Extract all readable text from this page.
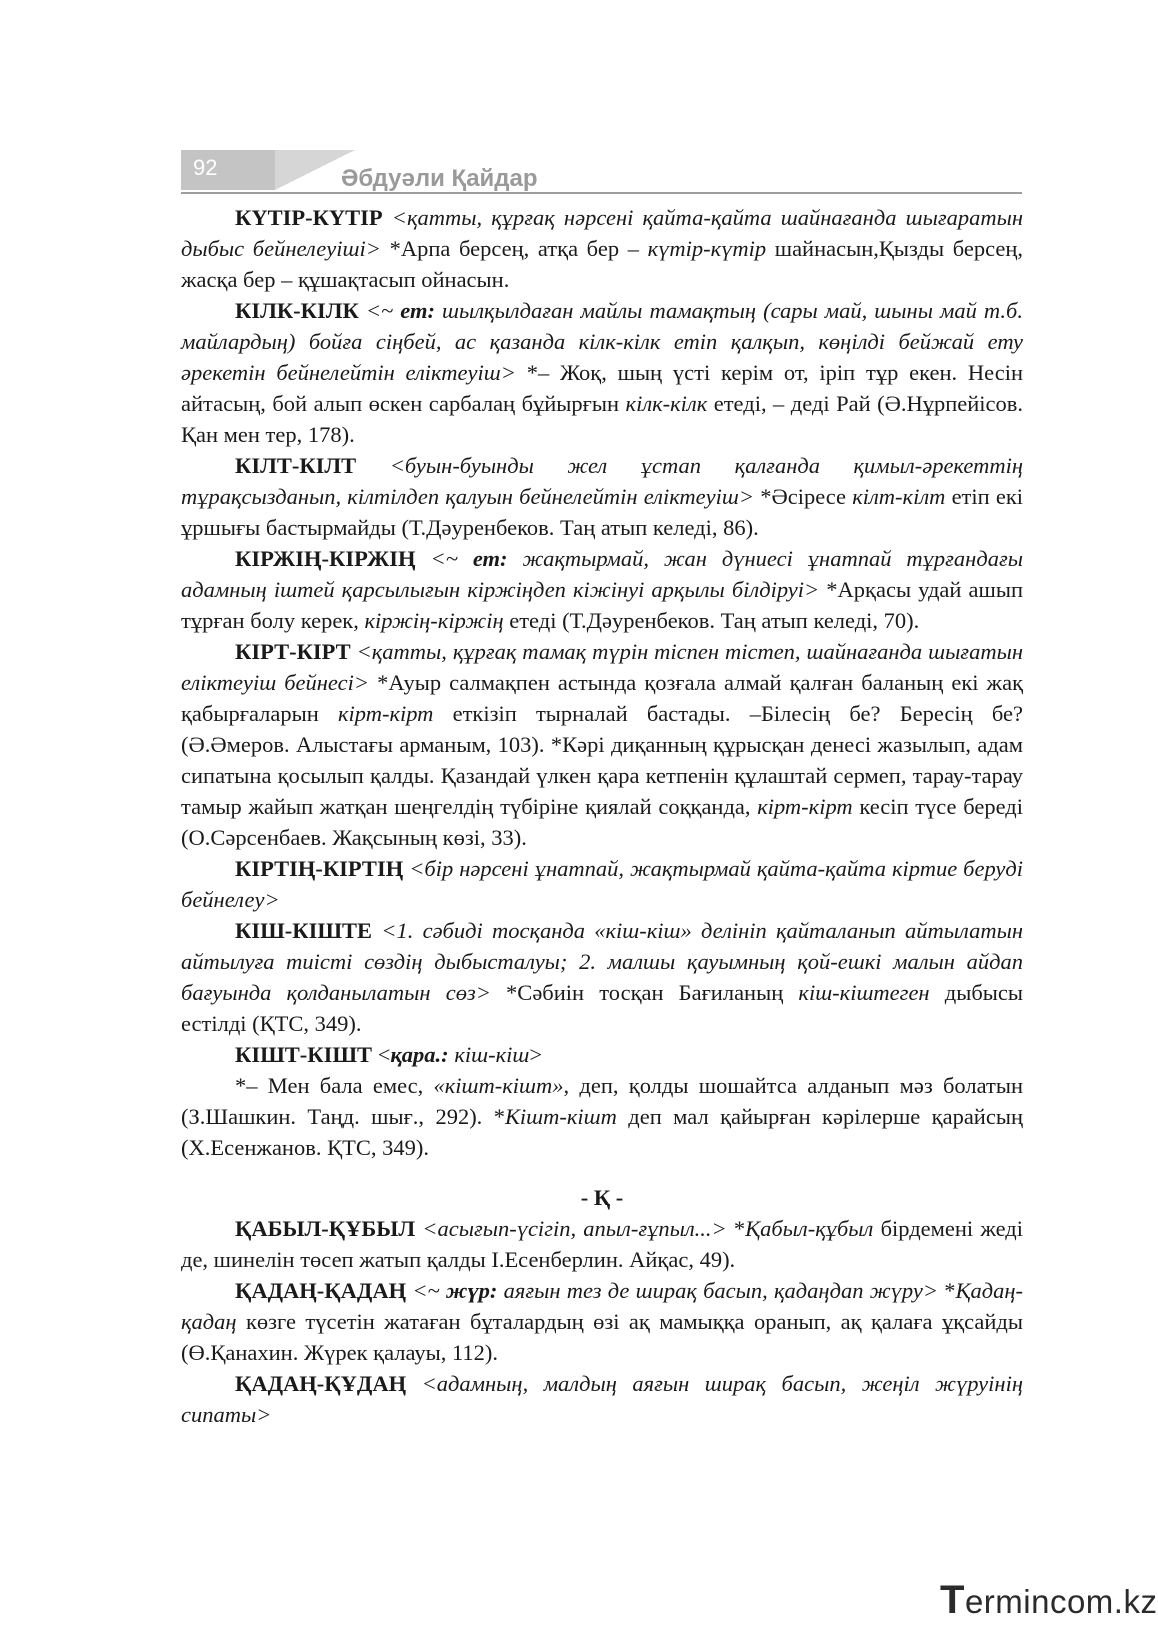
92	Әбдуәли Қайдар

КҮТІР-КҮТІР <қатты, құрғақ нәрсені қайта-қайта шайнағанда шығаратын дыбыс бейнелеуіші> *Арпа берсең, атқа бер – күтір-күтір шайнасын,Қызды берсең, жасқа бер – құшақтасып ойнасын.

КІЛК-КІЛК <~ ет: шылқылдаған майлы тамақтың (сары май, шыны май т.б. майлардың) бойға сіңбей, ас қазанда кілк-кілк етіп қалқып, көңілді бейжай ету әрекетін бейнелейтін еліктеуіш> *– Жоқ, шың үсті керім от, іріп тұр екен. Несін айтасың, бой алып өскен сарбалаң бұйырғын кілк-кілк етеді, – деді Рай (Ә.Нұрпейісов. Қан мен тер, 178).

КІЛТ-КІЛТ <буын-буынды жел ұстап қалғанда қимыл-әрекеттің тұрақсызданып, кілтілдеп қалуын бейнелейтін еліктеуіш> *Әсіресе кілт-кілт етіп екі ұршығы бастырмайды (Т.Дәуренбеков. Таң атып келеді, 86).

КІРЖІҢ-КІРЖІҢ <~ ет: жақтырмай, жан дүниесі ұнатпай тұрғандағы адамның іштей қарсылығын кіржіңдеп кіжінуі арқылы білдіруі> *Арқасы удай ашып тұрған болу керек, кіржің-кіржің етеді (Т.Дәуренбеков. Таң атып келеді, 70).

КІРТ-КІРТ <қатты, құрғақ тамақ түрін тіспен тістеп, шайнағанда шығатын еліктеуіш бейнесі> *Ауыр салмақпен астында қозғала алмай қалған баланың екі жақ қабырғаларын кірт-кірт еткізіп тырналай бастады. –Білесің бе? Бересің бе? (Ә.Әмеров. Алыстағы арманым, 103). *Кәрі диқанның құрысқан денесі жазылып, адам сипатына қосылып қалды. Қазандай үлкен қара кетпенін құлаштай сермеп, тарау-тарау тамыр жайып жатқан шеңгелдің түбіріне қиялай соққанда, кірт-кірт кесіп түсе береді (О.Сәрсенбаев. Жақсының көзі, 33).

КІРТІҢ-КІРТІҢ <бір нәрсені ұнатпай, жақтырмай қайта-қайта кіртие беруді бейнелеу>

КІШ-КІШТЕ <1. сәбиді тосқанда «кіш-кіш» делініп қайталанып айтылатын айтылуға тиісті сөздің дыбысталуы; 2. малшы қауымның қой-ешкі малын айдап бағуында қолданылатын сөз> *Сәбиін тосқан Бағиланың кіш-кіштеген дыбысы естілді (ҚТС, 349).

КІШТ-КІШТ <қара.: кіш-кіш>

*– Мен бала емес, «кішт-кішт», деп, қолды шошайтса алданып мәз болатын (З.Шашкин. Таңд. шығ., 292). *Кішт-кішт деп мал қайырған кәрілерше қарайсың (Х.Есенжанов. ҚТС, 349).

- Қ -

ҚАБЫЛ-ҚҰБЫЛ <асығып-үсігіп, апыл-ғұпыл...> *Қабыл-құбыл бірдемені жеді де, шинелін төсеп жатып қалды І.Есенберлин. Айқас, 49).

ҚАДАҢ-ҚАДАҢ <~ жүр: аяғын тез де ширақ басып, қадаңдап жүру> *Қадаң-қадаң көзге түсетін жатаған бұталардың өзі ақ мамыққа оранып, ақ қалаға ұқсайды (Ө.Қанахин. Жүрек қалауы, 112).

ҚАДАҢ-ҚҰДАҢ <адамның, малдың аяғын ширақ басып, жеңіл жүруінің сипаты>

Termincom.kz
